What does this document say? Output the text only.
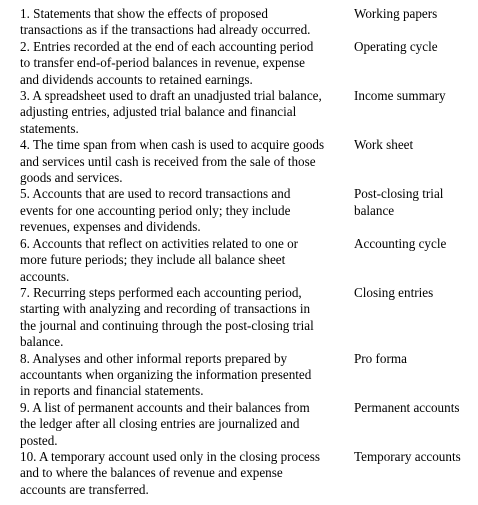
1. Statements that show the effects of proposed
transactions as if the transactions had already occurred.
Working papers
2. Entries recorded at the end of each accounting period
to transfer end-of-period balances in revenue, expense
and dividends accounts to retained earnings.
Operating cycle
3. A spreadsheet used to draft an unadjusted trial balance,
adjusting entries, adjusted trial balance and financial
statements.
Income summary
4. The time span from when cash is used to acquire goods
and services until cash is received from the sale of those
goods and services.
Work sheet
5. Accounts that are used to record transactions and
events for one accounting period only; they include
revenues, expenses and dividends.
Post-closing trial
balance
6. Accounts that reflect on activities related to one or
more future periods; they include all balance sheet
accounts.
Accounting cycle
7. Recurring steps performed each accounting period,
starting with analyzing and recording of transactions in
the journal and continuing through the post-closing trial
balance.
Closing entries
8. Analyses and other informal reports prepared by
accountants when organizing the information presented
in reports and financial statements.
Pro forma
9. A list of permanent accounts and their balances from
the ledger after all closing entries are journalized and
posted.
Permanent accounts
10. A temporary account used only in the closing process
and to where the balances of revenue and expense
accounts are transferred.
Temporary accounts
